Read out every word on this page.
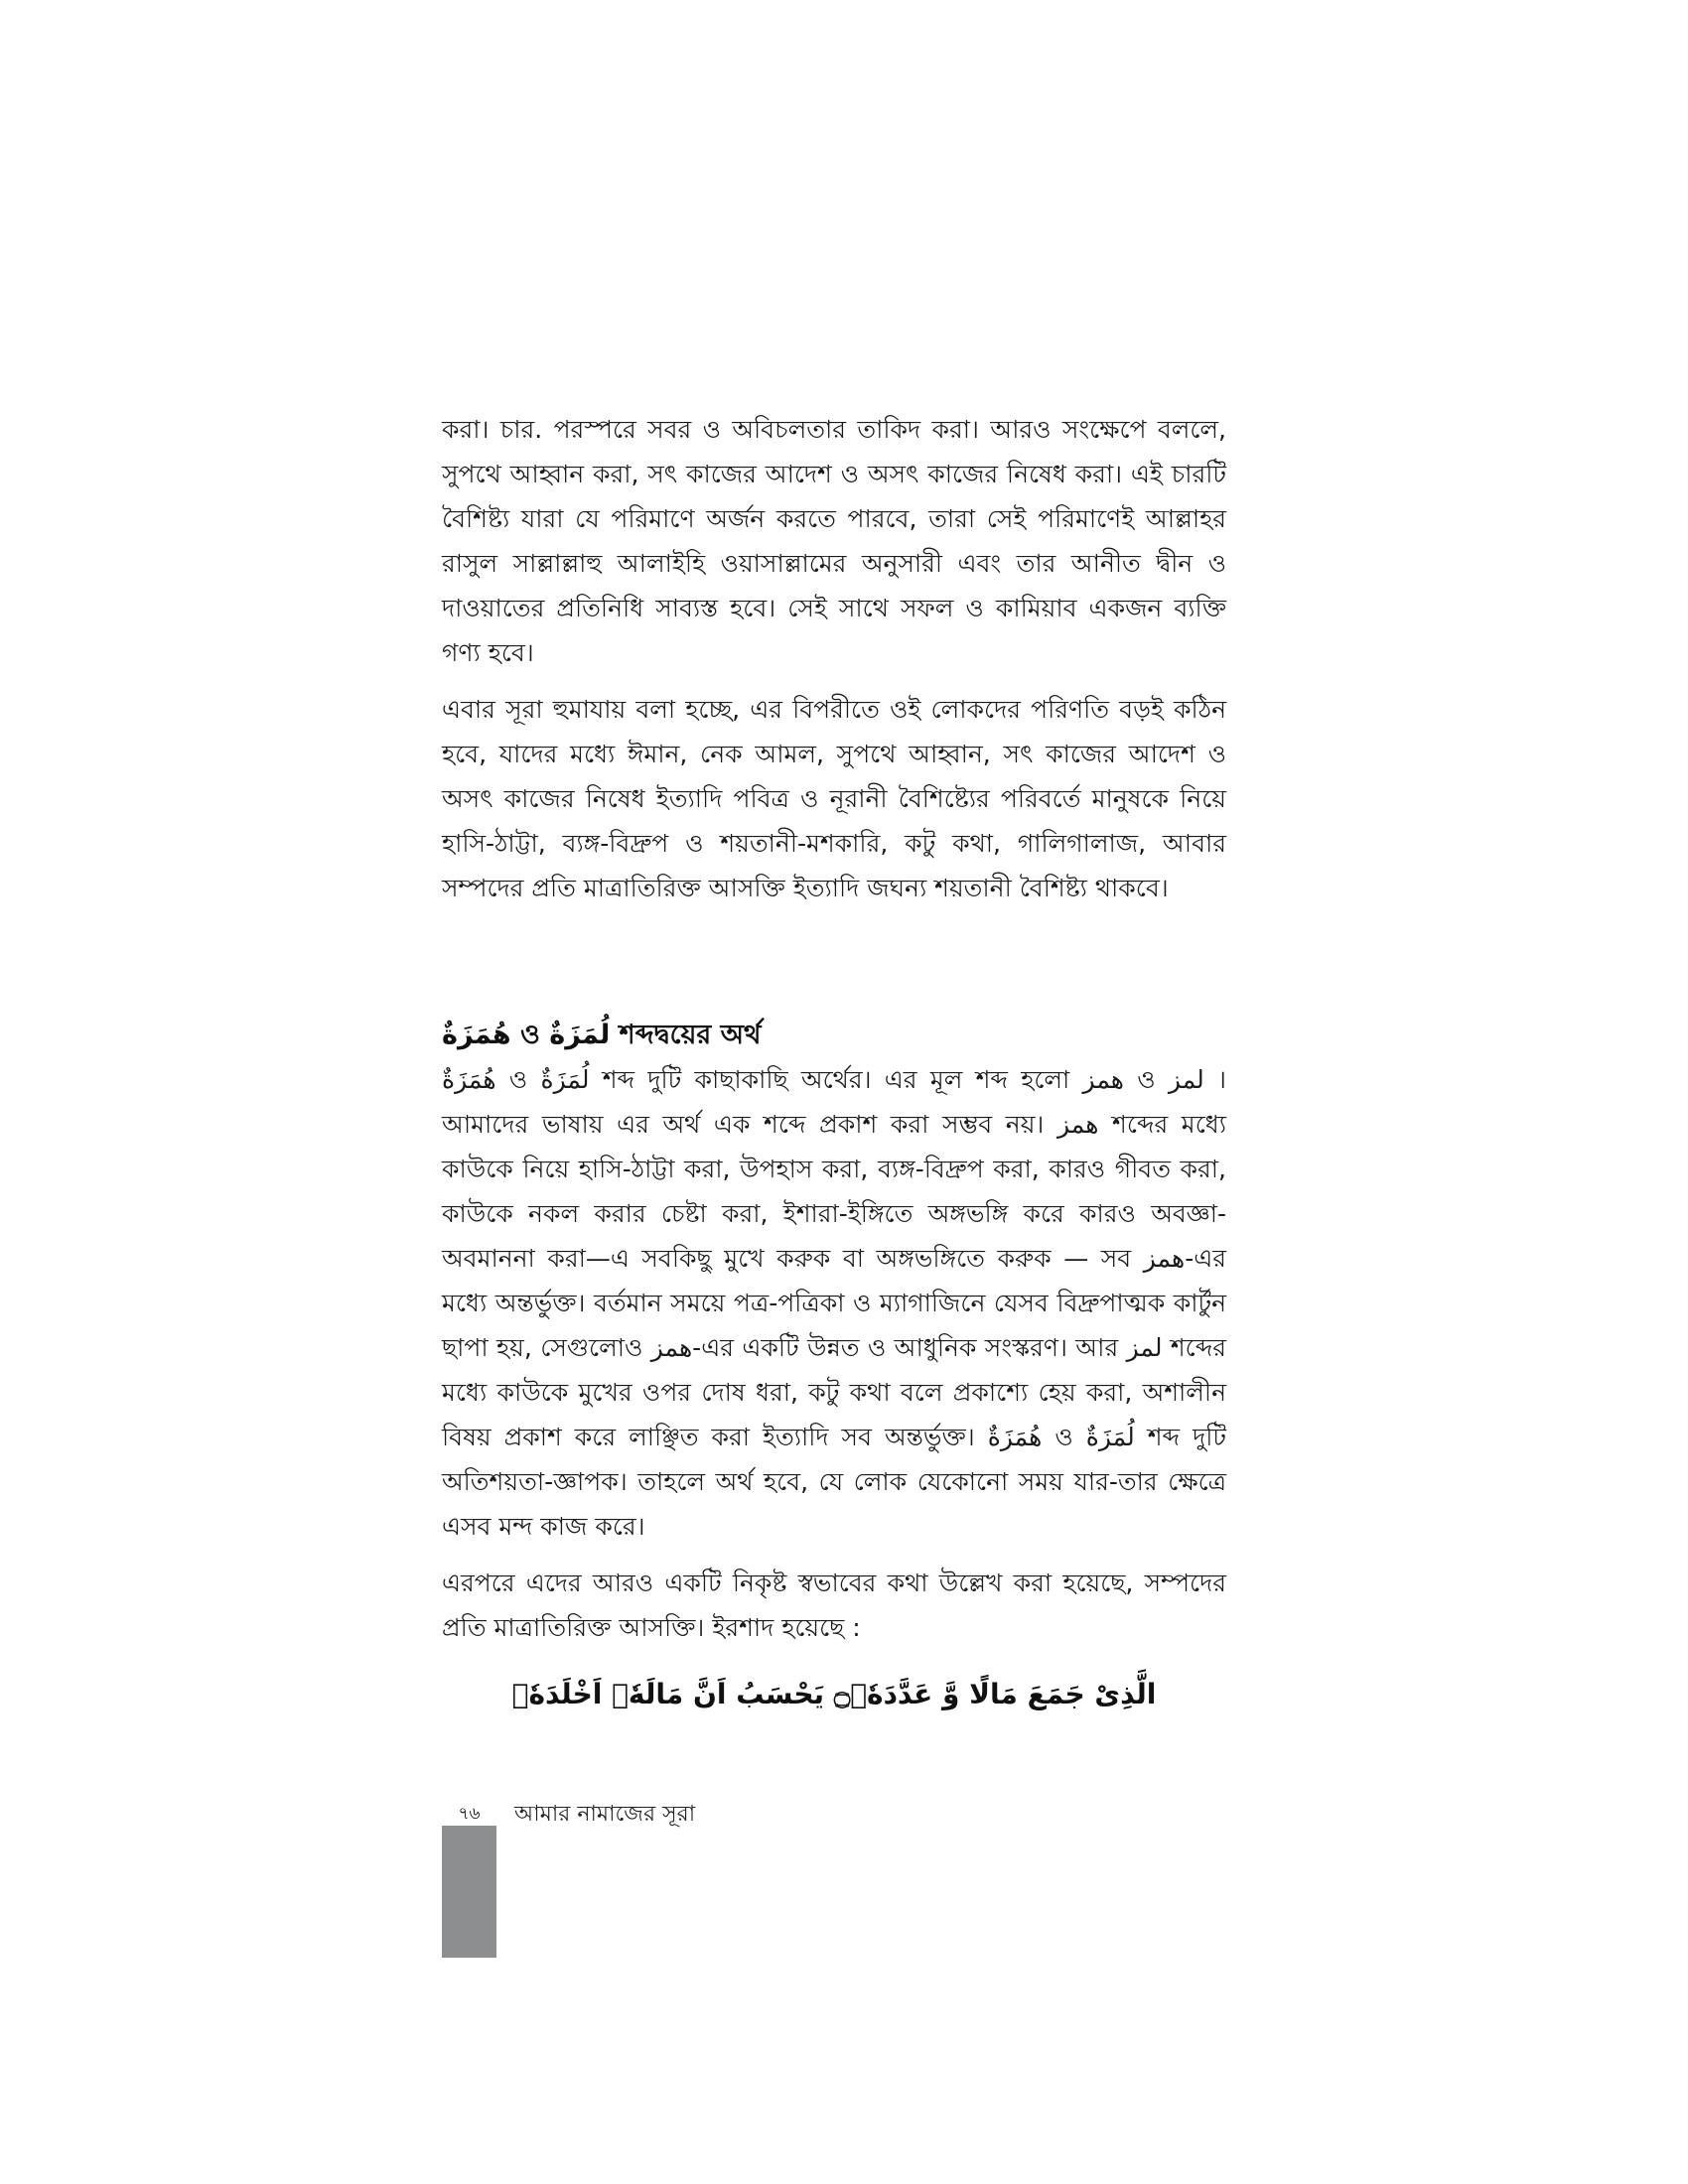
করা। চার. পরস্পরে সবর ও অবিচলতার তাকিদ করা। আরও সংক্ষেপে বললে, সুপথে আহ্বান করা, সৎ কাজের আদেশ ও অসৎ কাজের নিষেধ করা। এই চারটি বৈশিষ্ট্য যারা যে পরিমাণে অর্জন করতে পারবে, তারা সেই পরিমাণেই আল্লাহর রাসুল সাল্লাল্লাহু আলাইহি ওয়াসাল্লামের অনুসারী এবং তার আনীত দ্বীন ও দাওয়াতের প্রতিনিধি সাব্যস্ত হবে। সেই সাথে সফল ও কামিয়াব একজন ব্যক্তি গণ্য হবে।
এবার সূরা হুমাযায় বলা হচ্ছে, এর বিপরীতে ওই লোকদের পরিণতি বড়ই কঠিন হবে, যাদের মধ্যে ঈমান, নেক আমল, সুপথে আহ্বান, সৎ কাজের আদেশ ও অসৎ কাজের নিষেধ ইত্যাদি পবিত্র ও নূরানী বৈশিষ্ট্যের পরিবর্তে মানুষকে নিয়ে হাসি-ঠাট্টা, ব্যঙ্গ-বিদ্রুপ ও শয়তানী-মশকারি, কটু কথা, গালিগালাজ, আবার সম্পদের প্রতি মাত্রাতিরিক্ত আসক্তি ইত্যাদি জঘন্য শয়তানী বৈশিষ্ট্য থাকবে।
هُمَزَةٌ ও لُمَزَةٌ শব্দদ্বয়ের অর্থ
هُمَزَةٌ ও لُمَزَةٌ শব্দ দুটি কাছাকাছি অর্থের। এর মূল শব্দ হলো همز ও لمز । আমাদের ভাষায় এর অর্থ এক শব্দে প্রকাশ করা সম্ভব নয়। همز শব্দের মধ্যে কাউকে নিয়ে হাসি-ঠাট্টা করা, উপহাস করা, ব্যঙ্গ-বিদ্রুপ করা, কারও গীবত করা, কাউকে নকল করার চেষ্টা করা, ইশারা-ইঙ্গিতে অঙ্গভঙ্গি করে কারও অবজ্ঞা-অবমাননা করা—এ সবকিছু মুখে করুক বা অঙ্গভঙ্গিতে করুক — সব همز-এর মধ্যে অন্তর্ভুক্ত। বর্তমান সময়ে পত্র-পত্রিকা ও ম্যাগাজিনে যেসব বিদ্রুপাত্মক কার্টুন ছাপা হয়, সেগুলোও همز-এর একটি উন্নত ও আধুনিক সংস্করণ। আর لمز শব্দের মধ্যে কাউকে মুখের ওপর দোষ ধরা, কটু কথা বলে প্রকাশ্যে হেয় করা, অশালীন বিষয় প্রকাশ করে লাঞ্ছিত করা ইত্যাদি সব অন্তর্ভুক্ত। هُمَزَةٌ ও لُمَزَةٌ শব্দ দুটি অতিশয়তা-জ্ঞাপক। তাহলে অর্থ হবে, যে লোক যেকোনো সময় যার-তার ক্ষেত্রে এসব মন্দ কাজ করে।
এরপরে এদের আরও একটি নিকৃষ্ট স্বভাবের কথা উল্লেখ করা হয়েছে, সম্পদের প্রতি মাত্রাতিরিক্ত আসক্তি। ইরশাদ হয়েছে :
الَّذِیْ جَمَعَ مَالًا وَّ عَدَّدَهٗۙ۝ یَحْسَبُ اَنَّ مَالَهٗۤ اَخْلَدَهٗۚ
৭৬	আমার নামাজের সূরা
